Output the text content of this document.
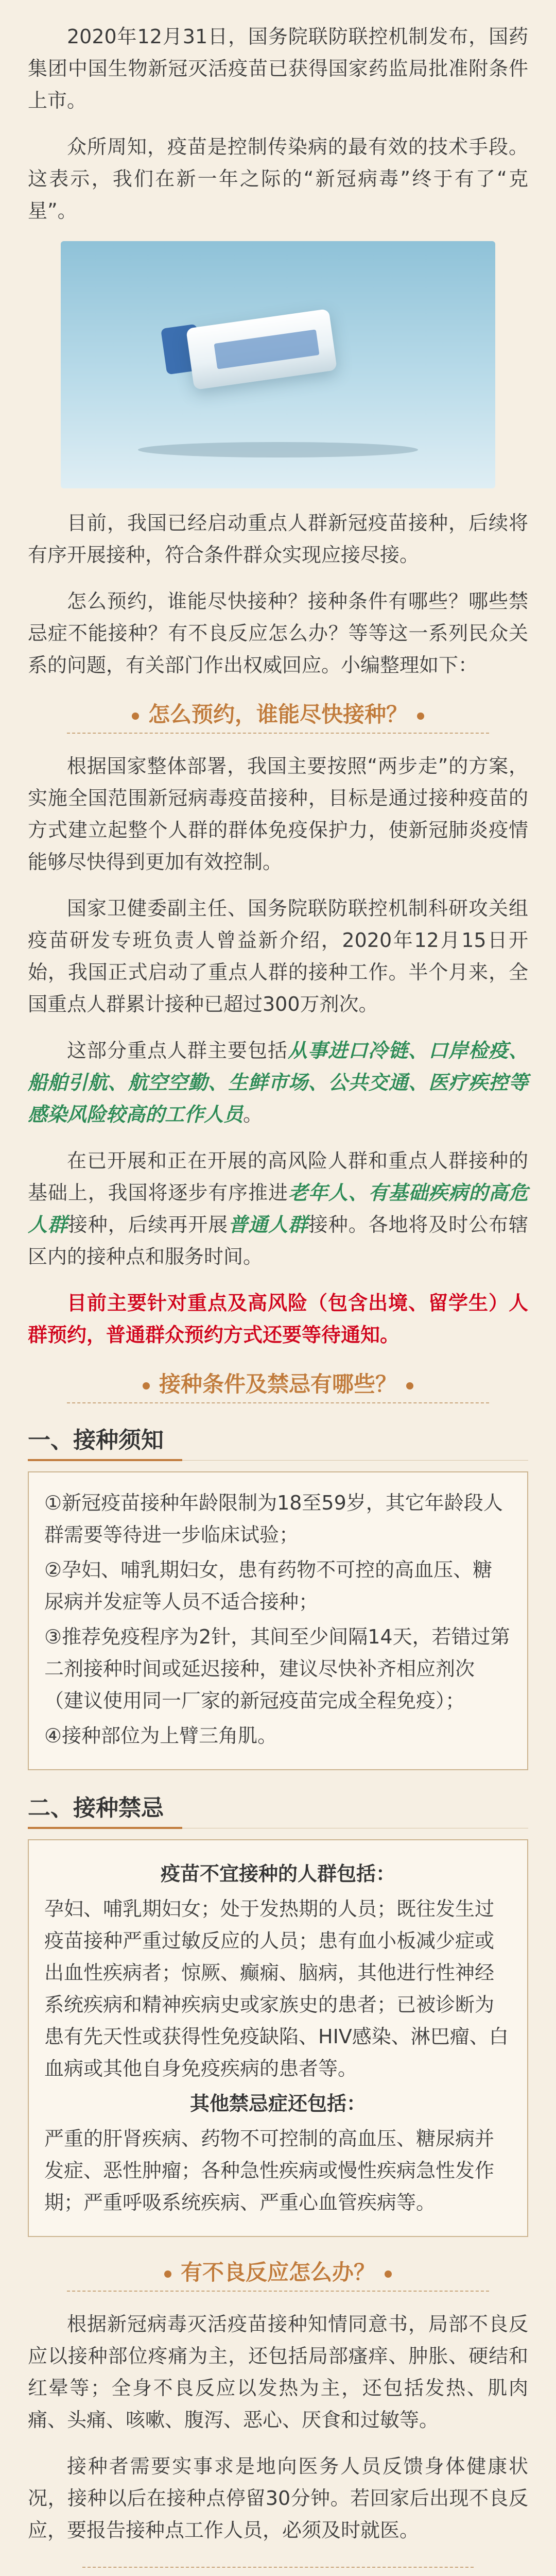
2020年12月31日，国务院联防联控机制发布，国药集团中国生物新冠灭活疫苗已获得国家药监局批准附条件上市。

众所周知，疫苗是控制传染病的最有效的技术手段。这表示，我们在新一年之际的“新冠病毒”终于有了“克星”。

目前，我国已经启动重点人群新冠疫苗接种，后续将有序开展接种，符合条件群众实现应接尽接。

怎么预约，谁能尽快接种？接种条件有哪些？哪些禁忌症不能接种？有不良反应怎么办？等等这一系列民众关系的问题，有关部门作出权威回应。小编整理如下：

怎么预约，谁能尽快接种？

根据国家整体部署，我国主要按照“两步走”的方案，实施全国范围新冠病毒疫苗接种，目标是通过接种疫苗的方式建立起整个人群的群体免疫保护力，使新冠肺炎疫情能够尽快得到更加有效控制。

国家卫健委副主任、国务院联防联控机制科研攻关组疫苗研发专班负责人曾益新介绍，2020年12月15日开始，我国正式启动了重点人群的接种工作。半个月来，全国重点人群累计接种已超过300万剂次。

这部分重点人群主要包括从事进口冷链、口岸检疫、船舶引航、航空空勤、生鲜市场、公共交通、医疗疾控等感染风险较高的工作人员。

在已开展和正在开展的高风险人群和重点人群接种的基础上，我国将逐步有序推进老年人、有基础疾病的高危人群接种，后续再开展普通人群接种。各地将及时公布辖区内的接种点和服务时间。

目前主要针对重点及高风险（包含出境、留学生）人群预约，普通群众预约方式还要等待通知。

接种条件及禁忌有哪些？
一、接种须知

①新冠疫苗接种年龄限制为18至59岁，其它年龄段人群需要等待进一步临床试验；

②孕妇、哺乳期妇女，患有药物不可控的高血压、糖尿病并发症等人员不适合接种；

③推荐免疫程序为2针，其间至少间隔14天，若错过第二剂接种时间或延迟接种，建议尽快补齐相应剂次（建议使用同一厂家的新冠疫苗完成全程免疫）；

④接种部位为上臂三角肌。

二、接种禁忌

疫苗不宜接种的人群包括：

孕妇、哺乳期妇女；处于发热期的人员；既往发生过疫苗接种严重过敏反应的人员；患有血小板减少症或出血性疾病者；惊厥、癫痫、脑病，其他进行性神经系统疾病和精神疾病史或家族史的患者；已被诊断为患有先天性或获得性免疫缺陷、HIV感染、淋巴瘤、白血病或其他自身免疫疾病的患者等。

其他禁忌症还包括：

严重的肝肾疾病、药物不可控制的高血压、糖尿病并发症、恶性肿瘤；各种急性疾病或慢性疾病急性发作期；严重呼吸系统疾病、严重心血管疾病等。

有不良反应怎么办？

根据新冠病毒灭活疫苗接种知情同意书，局部不良反应以接种部位疼痛为主，还包括局部瘙痒、肿胀、硬结和红晕等；全身不良反应以发热为主，还包括发热、肌肉痛、头痛、咳嗽、腹泻、恶心、厌食和过敏等。

接种者需要实事求是地向医务人员反馈身体健康状况，接种以后在接种点停留30分钟。若回家后出现不良反应，要报告接种点工作人员，必须及时就医。
